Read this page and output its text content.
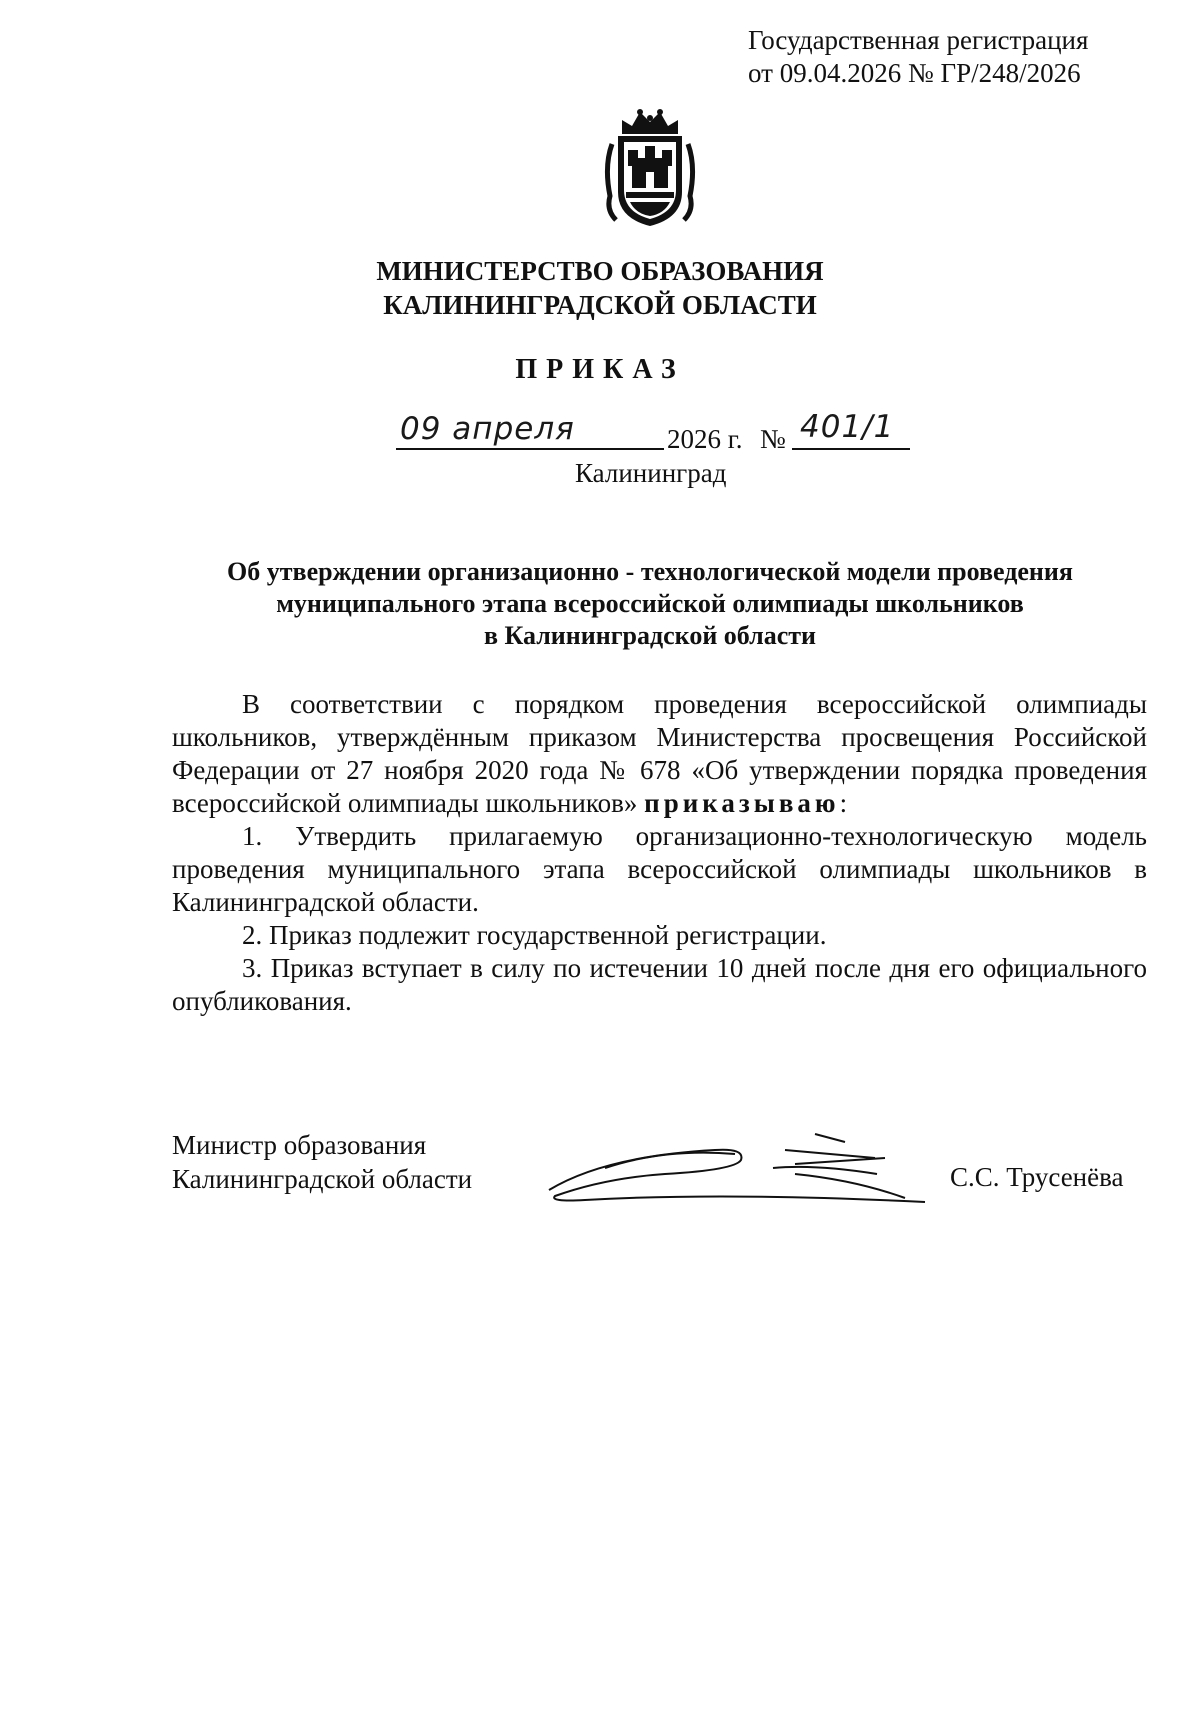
Государственная регистрация
от 09.04.2026 № ГР/248/2026
МИНИСТЕРСТВО ОБРАЗОВАНИЯ
КАЛИНИНГРАДСКОЙ ОБЛАСТИ
ПРИКАЗ
09 апреля	2026 г. № 401/1
Калининград
Об утверждении организационно - технологической модели проведения
муниципального этапа всероссийской олимпиады школьников
в Калининградской области

В соответствии с порядком проведения всероссийской олимпиады школьников, утверждённым приказом Министерства просвещения Российской Федерации от 27 ноября 2020 года № 678 «Об утверждении порядка проведения всероссийской олимпиады школьников» приказываю:

1. Утвердить прилагаемую организационно-технологическую модель проведения муниципального этапа всероссийской олимпиады школьников в Калининградской области.

2. Приказ подлежит государственной регистрации.

3. Приказ вступает в силу по истечении 10 дней после дня его официального опубликования.

Министр образования
Калининградской области	С.С. Трусенёва
